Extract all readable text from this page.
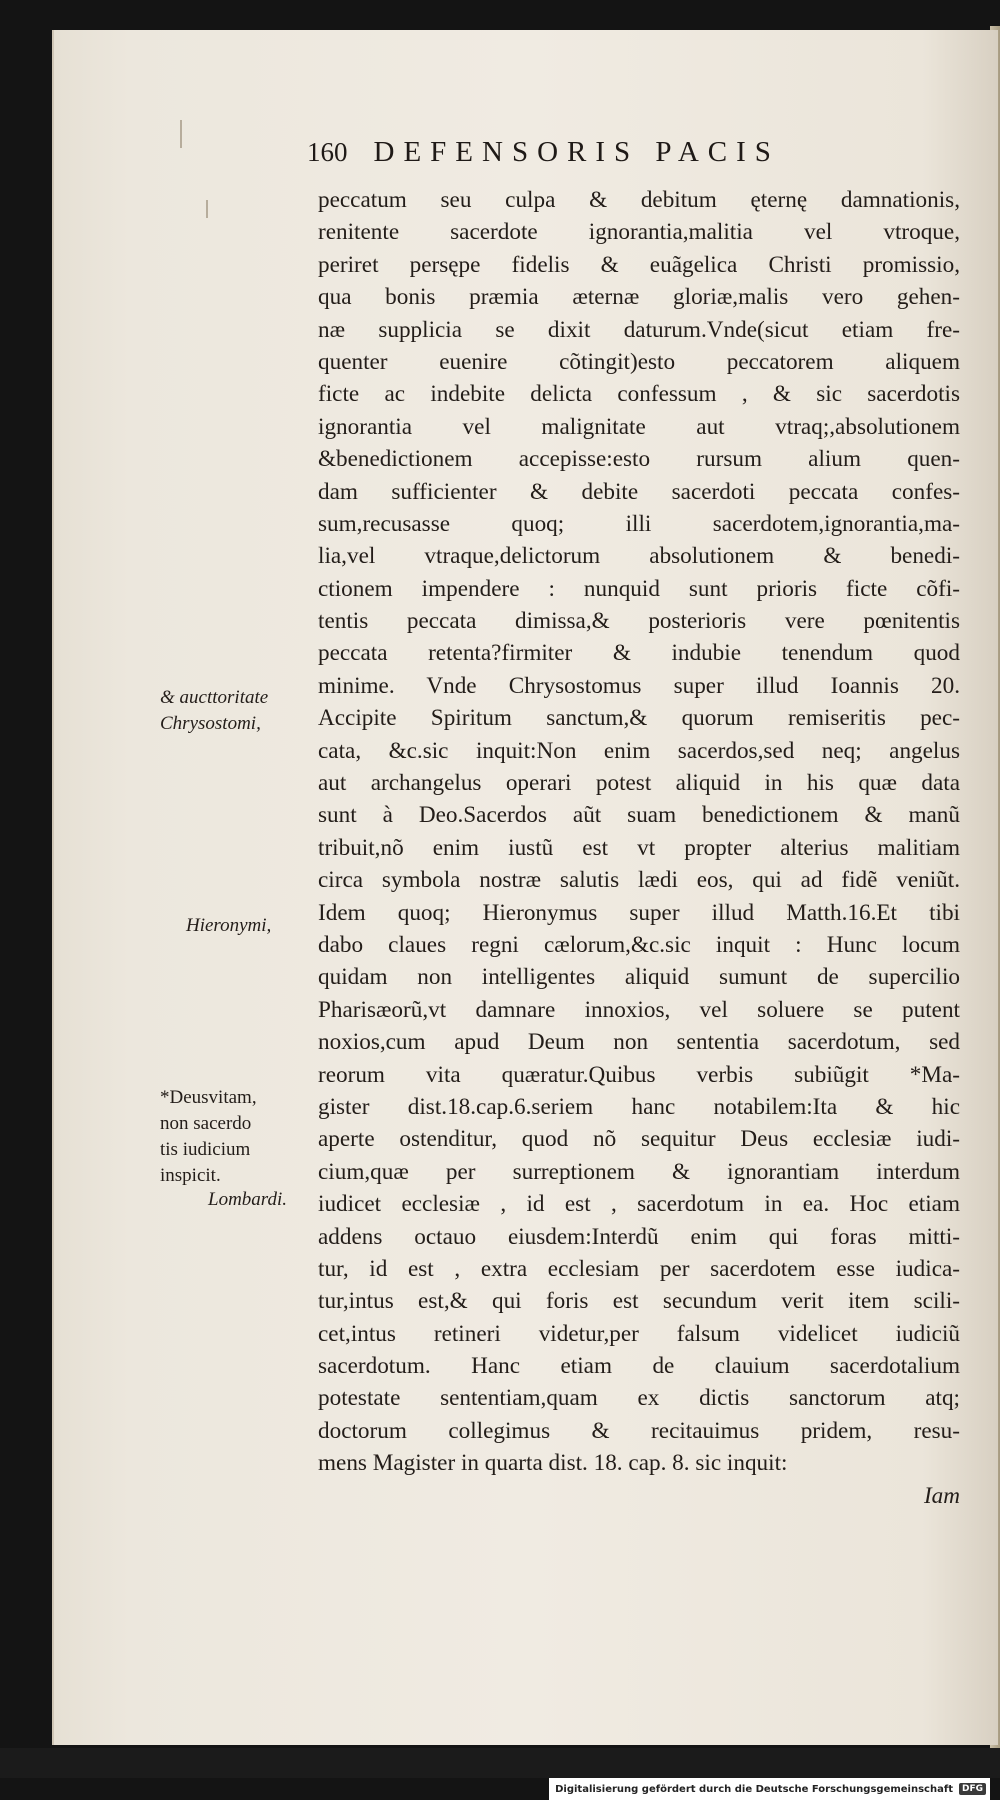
160 DEFENSORIS PACIS
peccatum seu culpa & debitum ęternę damnationis,
renitente sacerdote ignorantia,malitia vel vtroque,
periret persępe fidelis & euãgelica Christi promissio,
qua bonis præmia æternæ gloriæ,malis vero gehen-
næ supplicia se dixit daturum.Vnde(sicut etiam fre-
quenter euenire cõtingit)esto peccatorem aliquem
ficte ac indebite delicta confessum , & sic sacerdotis
ignorantia vel malignitate aut vtraq;,absolutionem
&benedictionem accepisse:esto rursum alium quen-
dam sufficienter & debite sacerdoti peccata confes-
sum,recusasse quoq; illi sacerdotem,ignorantia,ma-
lia,vel vtraque,delictorum absolutionem & benedi-
ctionem impendere : nunquid sunt prioris ficte cõfi-
tentis peccata dimissa,& posterioris vere pœnitentis
peccata retenta?firmiter & indubie tenendum quod
minime. Vnde Chrysostomus super illud Ioannis 20.
Accipite Spiritum sanctum,& quorum remiseritis pec-
cata, &c.sic inquit:Non enim sacerdos,sed neq; angelus
aut archangelus operari potest aliquid in his quæ data
sunt à Deo.Sacerdos aũt suam benedictionem & manũ
tribuit,nõ enim iustũ est vt propter alterius malitiam
circa symbola nostræ salutis lædi eos, qui ad fidẽ veniũt.
Idem quoq; Hieronymus super illud Matth.16.Et tibi
dabo claues regni cælorum,&c.sic inquit : Hunc locum
quidam non intelligentes aliquid sumunt de supercilio
Pharisæorũ,vt damnare innoxios, vel soluere se putent
noxios,cum apud Deum non sententia sacerdotum, sed
reorum vita quæratur.Quibus verbis subiũgit *Ma-
gister dist.18.cap.6.seriem hanc notabilem:Ita & hic
aperte ostenditur, quod nõ sequitur Deus ecclesiæ iudi-
cium,quæ per surreptionem & ignorantiam interdum
iudicet ecclesiæ , id est , sacerdotum in ea. Hoc etiam
addens octauo eiusdem:Interdũ enim qui foras mitti-
tur, id est , extra ecclesiam per sacerdotem esse iudica-
tur,intus est,& qui foris est secundum verit item scili-
cet,intus retineri videtur,per falsum videlicet iudiciũ
sacerdotum. Hanc etiam de clauium sacerdotalium
potestate sententiam,quam ex dictis sanctorum atq;
doctorum collegimus & recitauimus pridem, resu-
mens Magister in quarta dist. 18. cap. 8. sic inquit:
Iam
& aucttoritate
Chrysostomi,
Hieronymi,
*Deusvitam,
non sacerdo
tis iudicium
inspicit.
Lombardi.
Digitalisierung gefördert durch die Deutsche Forschungsgemeinschaft	DFG
